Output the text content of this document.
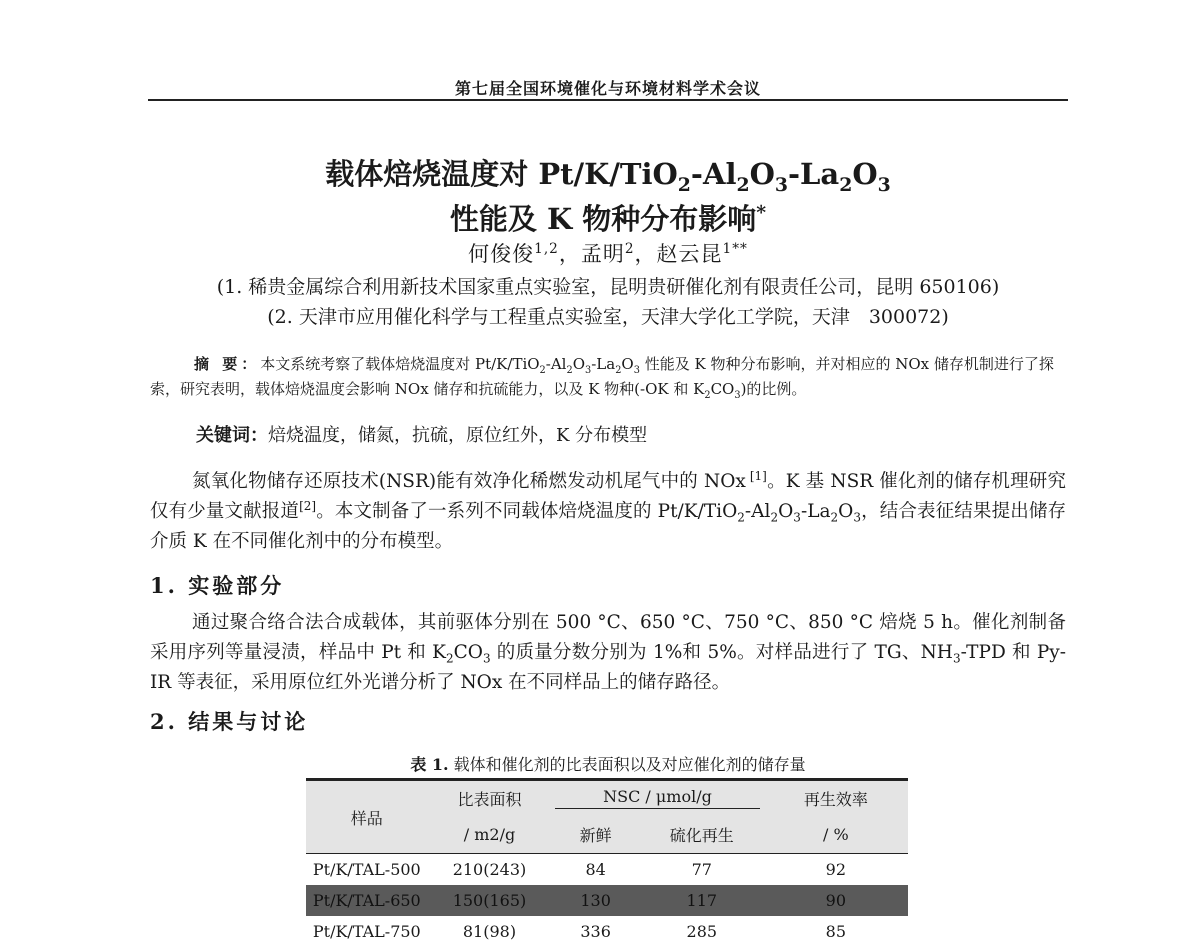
第七届全国环境催化与环境材料学术会议
载体焙烧温度对 $Pt/K/TiO_2-Al_2O_3-La_2O_3$
性能及 K 物种分布影响*
何俊俊$^{1,2}$，孟明$^2$，赵云昆$^{1**}$
(1. 稀贵金属综合利用新技术国家重点实验室，昆明贵研催化剂有限责任公司，昆明 650106)
(2. 天津市应用催化科学与工程重点实验室，天津大学化工学院，天津　300072)
摘 要：本文系统考察了载体焙烧温度对 $Pt/K/TiO_2-Al_2O_3-La_2O_3$ 性能及 K 物种分布影响，并对相应的 NOx 储存机制进行了探索，研究表明，载体焙烧温度会影响 NOx 储存和抗硫能力，以及 K 物种(-OK 和 $K_2CO_3$)的比例。
关键词：焙烧温度，储氮，抗硫，原位红外，K 分布模型
氮氧化物储存还原技术(NSR)能有效净化稀燃发动机尾气中的 NOx [1]。K 基 NSR 催化剂的储存机理研究仅有少量文献报道[2]。本文制备了一系列不同载体焙烧温度的 $Pt/K/TiO_2-Al_2O_3-La_2O_3$，结合表征结果提出储存介质 K 在不同催化剂中的分布模型。
1. 实验部分
通过聚合络合法合成载体，其前驱体分别在 500 °C、650 °C、750 °C、850 °C 焙烧 5 h。催化剂制备采用序列等量浸渍，样品中 Pt 和 $K_2CO_3$ 的质量分数分别为 1%和 5%。对样品进行了 TG、$NH_3$-TPD 和 Py-IR 等表征，采用原位红外光谱分析了 NOx 在不同样品上的储存路径。
2. 结果与讨论
表 1. 载体和催化剂的比表面积以及对应催化剂的储存量
样品	比表面积	NSC / μmol/g		再生效率
	/ m2/g	新鲜	硫化再生	/ %
Pt/K/TAL-500	210(243)	84	77	92
Pt/K/TAL-650	150(165)	130	117	90
Pt/K/TAL-750	81(98)	336	285	85
